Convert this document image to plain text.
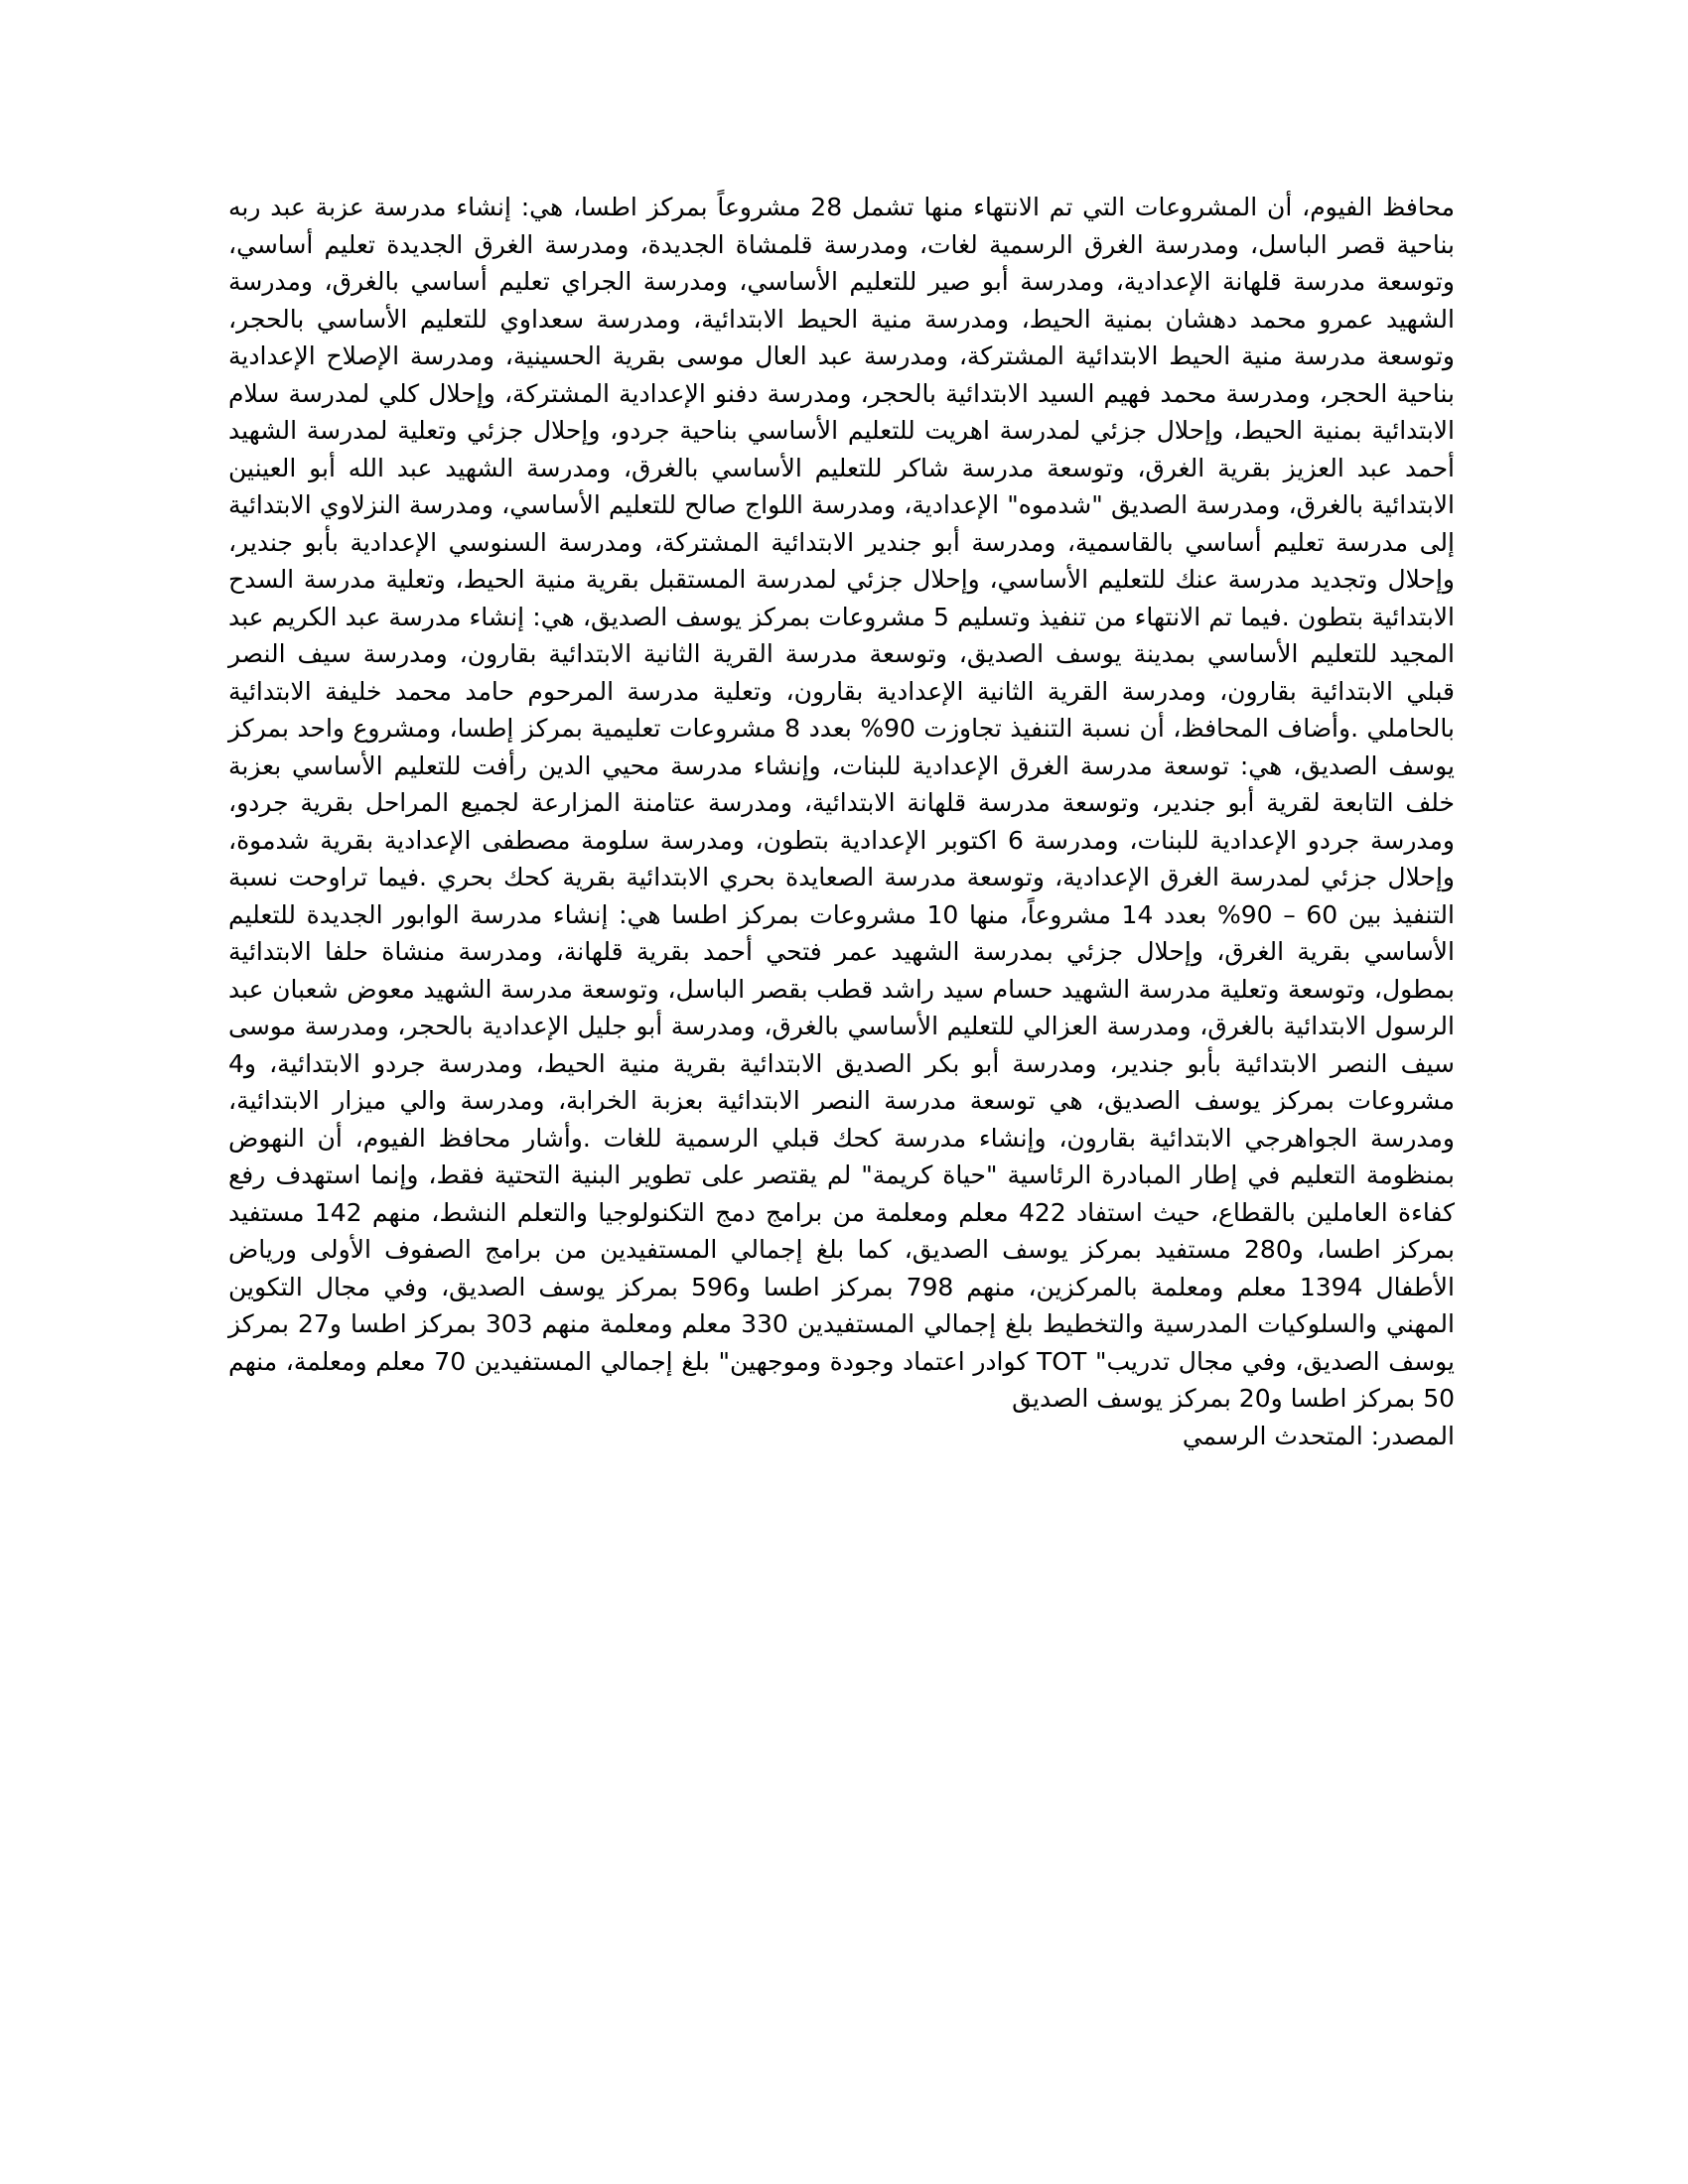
محافظ الفيوم، أن المشروعات التي تم الانتهاء منها تشمل 28 مشروعاً بمركز اطسا، هي: إنشاء مدرسة عزبة عبد ربه بناحية قصر الباسل، ومدرسة الغرق الرسمية لغات، ومدرسة قلمشاة الجديدة، ومدرسة الغرق الجديدة تعليم أساسي، وتوسعة مدرسة قلهانة الإعدادية، ومدرسة أبو صير للتعليم الأساسي، ومدرسة الجراي تعليم أساسي بالغرق، ومدرسة الشهيد عمرو محمد دهشان بمنية الحيط، ومدرسة منية الحيط الابتدائية، ومدرسة سعداوي للتعليم الأساسي بالحجر، وتوسعة مدرسة منية الحيط الابتدائية المشتركة، ومدرسة عبد العال موسى بقرية الحسينية، ومدرسة الإصلاح الإعدادية بناحية الحجر، ومدرسة محمد فهيم السيد الابتدائية بالحجر، ومدرسة دفنو الإعدادية المشتركة، وإحلال كلي لمدرسة سلام الابتدائية بمنية الحيط، وإحلال جزئي لمدرسة اهريت للتعليم الأساسي بناحية جردو، وإحلال جزئي وتعلية لمدرسة الشهيد أحمد عبد العزيز بقرية الغرق، وتوسعة مدرسة شاكر للتعليم الأساسي بالغرق، ومدرسة الشهيد عبد الله أبو العينين الابتدائية بالغرق، ومدرسة الصديق "شدموه" الإعدادية، ومدرسة اللواج صالح للتعليم الأساسي، ومدرسة النزلاوي الابتدائية إلى مدرسة تعليم أساسي بالقاسمية، ومدرسة أبو جندير الابتدائية المشتركة، ومدرسة السنوسي الإعدادية بأبو جندير، وإحلال وتجديد مدرسة عنك للتعليم الأساسي، وإحلال جزئي لمدرسة المستقبل بقرية منية الحيط، وتعلية مدرسة السدح الابتدائية بتطون .فيما تم الانتهاء من تنفيذ وتسليم 5 مشروعات بمركز يوسف الصديق، هي: إنشاء مدرسة عبد الكريم عبد المجيد للتعليم الأساسي بمدينة يوسف الصديق، وتوسعة مدرسة القرية الثانية الابتدائية بقارون، ومدرسة سيف النصر قبلي الابتدائية بقارون، ومدرسة القرية الثانية الإعدادية بقارون، وتعلية مدرسة المرحوم حامد محمد خليفة الابتدائية بالحاملي .وأضاف المحافظ، أن نسبة التنفيذ تجاوزت 90% بعدد 8 مشروعات تعليمية بمركز إطسا، ومشروع واحد بمركز يوسف الصديق، هي: توسعة مدرسة الغرق الإعدادية للبنات، وإنشاء مدرسة محيي الدين رأفت للتعليم الأساسي بعزبة خلف التابعة لقرية أبو جندير، وتوسعة مدرسة قلهانة الابتدائية، ومدرسة عتامنة المزارعة لجميع المراحل بقرية جردو، ومدرسة جردو الإعدادية للبنات، ومدرسة 6 اكتوبر الإعدادية بتطون، ومدرسة سلومة مصطفى الإعدادية بقرية شدموة، وإحلال جزئي لمدرسة الغرق الإعدادية، وتوسعة مدرسة الصعايدة بحري الابتدائية بقرية كحك بحري .فيما تراوحت نسبة التنفيذ بين 60 – 90% بعدد 14 مشروعاً، منها 10 مشروعات بمركز اطسا هي: إنشاء مدرسة الوابور الجديدة للتعليم الأساسي بقرية الغرق، وإحلال جزئي بمدرسة الشهيد عمر فتحي أحمد بقرية قلهانة، ومدرسة منشاة حلفا الابتدائية بمطول، وتوسعة وتعلية مدرسة الشهيد حسام سيد راشد قطب بقصر الباسل، وتوسعة مدرسة الشهيد معوض شعبان عبد الرسول الابتدائية بالغرق، ومدرسة العزالي للتعليم الأساسي بالغرق، ومدرسة أبو جليل الإعدادية بالحجر، ومدرسة موسى سيف النصر الابتدائية بأبو جندير، ومدرسة أبو بكر الصديق الابتدائية بقرية منية الحيط، ومدرسة جردو الابتدائية، و4 مشروعات بمركز يوسف الصديق، هي توسعة مدرسة النصر الابتدائية بعزبة الخرابة، ومدرسة والي ميزار الابتدائية، ومدرسة الجواهرجي الابتدائية بقارون، وإنشاء مدرسة كحك قبلي الرسمية للغات .وأشار محافظ الفيوم، أن النهوض بمنظومة التعليم في إطار المبادرة الرئاسية "حياة كريمة" لم يقتصر على تطوير البنية التحتية فقط، وإنما استهدف رفع كفاءة العاملين بالقطاع، حيث استفاد 422 معلم ومعلمة من برامج دمج التكنولوجيا والتعلم النشط، منهم 142 مستفيد بمركز اطسا، و280 مستفيد بمركز يوسف الصديق، كما بلغ إجمالي المستفيدين من برامج الصفوف الأولى ورياض الأطفال 1394 معلم ومعلمة بالمركزين، منهم 798 بمركز اطسا و596 بمركز يوسف الصديق، وفي مجال التكوين المهني والسلوكيات المدرسية والتخطيط بلغ إجمالي المستفيدين 330 معلم ومعلمة منهم 303 بمركز اطسا و27 بمركز يوسف الصديق، وفي مجال تدريب" TOT كوادر اعتماد وجودة وموجهين" بلغ إجمالي المستفيدين 70 معلم ومعلمة، منهم 50 بمركز اطسا و20 بمركز يوسف الصديق

المصدر: المتحدث الرسمي
